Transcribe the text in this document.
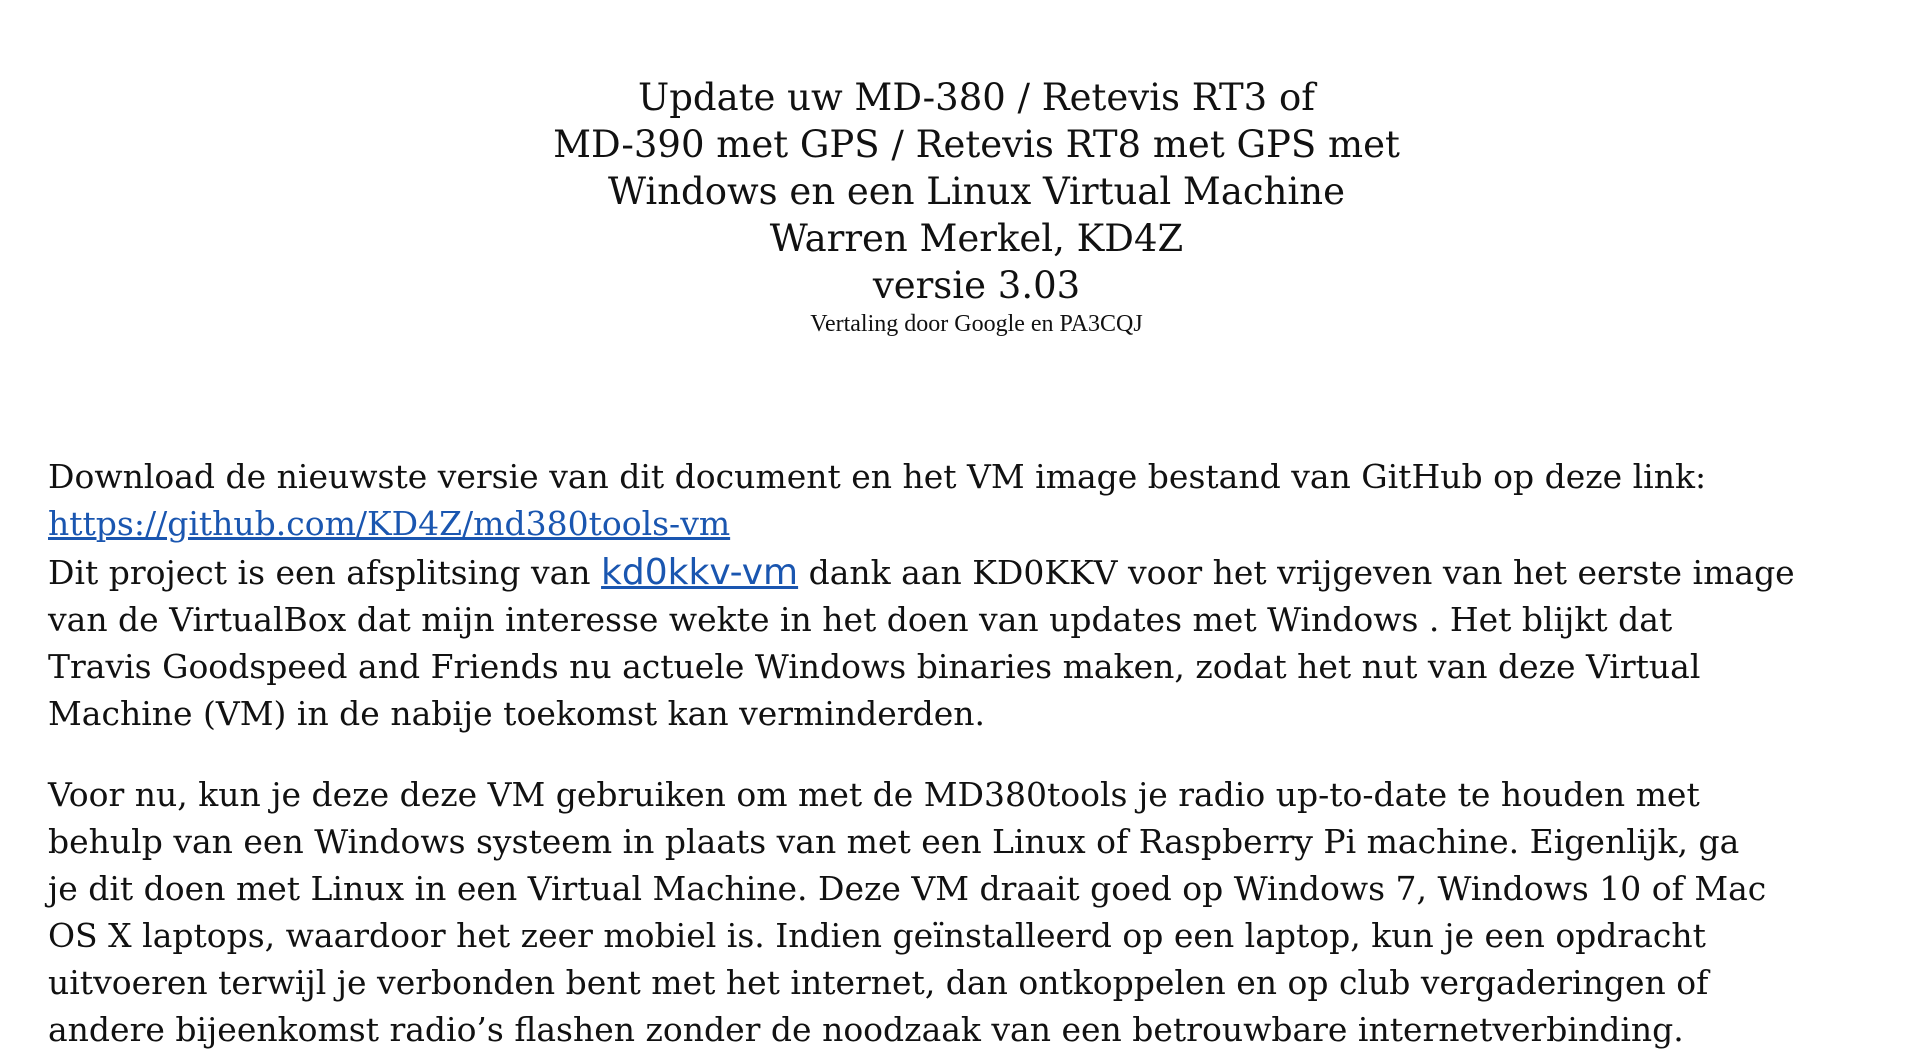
Update uw MD-380 / Retevis RT3 of
MD-390 met GPS / Retevis RT8 met GPS met
Windows en een Linux Virtual Machine
Warren Merkel, KD4Z
versie 3.03
Vertaling door Google en PA3CQJ

Download de nieuwste versie van dit document en het VM image bestand van GitHub op deze link:
https://github.com/KD4Z/md380tools-vm

Dit project is een afsplitsing van kd0kkv-vm dank aan KD0KKV voor het vrijgeven van het eerste image
van de VirtualBox dat mijn interesse wekte in het doen van updates met Windows . Het blijkt dat
Travis Goodspeed and Friends nu actuele Windows binaries maken, zodat het nut van deze Virtual
Machine (VM) in de nabije toekomst kan verminderden.

Voor nu, kun je deze deze VM gebruiken om met de MD380tools je radio up-to-date te houden met
behulp van een Windows systeem in plaats van met een Linux of Raspberry Pi machine. Eigenlijk, ga
je dit doen met Linux in een Virtual Machine. Deze VM draait goed op Windows 7, Windows 10 of Mac
OS X laptops, waardoor het zeer mobiel is. Indien geïnstalleerd op een laptop, kun je een opdracht
uitvoeren terwijl je verbonden bent met het internet, dan ontkoppelen en op club vergaderingen of
andere bijeenkomst radio’s flashen zonder de noodzaak van een betrouwbare internetverbinding.
